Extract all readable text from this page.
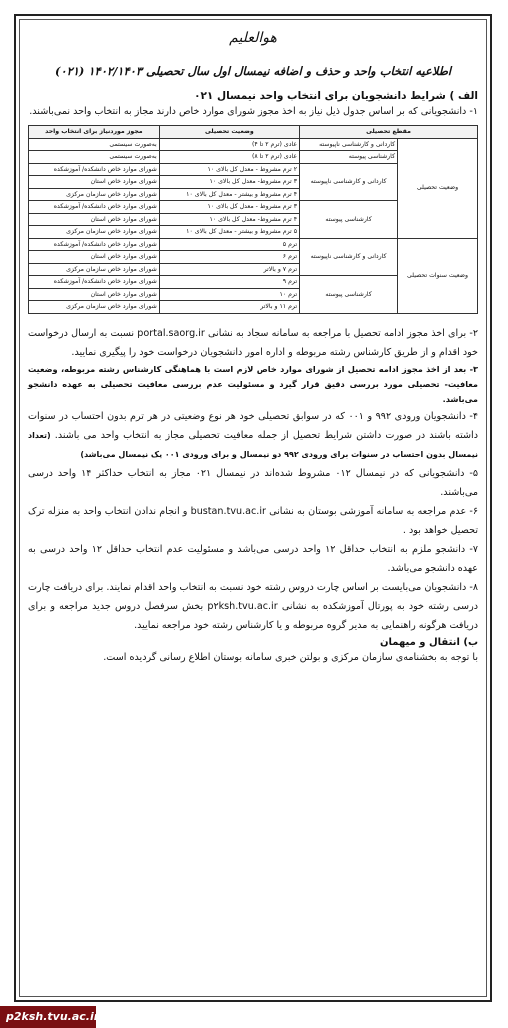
هوالعلیم
اطلاعیه انتخاب واحد و حذف و اضافه نیمسال اول سال تحصیلی ۱۴۰۲/۱۴۰۳ (۰۲۱)
الف ) شرایط دانشجویان برای انتخاب واحد نیمسال ۰۲۱

۱- دانشجویانی که بر اساس جدول ذیل نیاز به اخذ مجوز شورای موارد خاص دارند مجاز به انتخاب واحد نمی‌باشند.

مقطع تحصیلی		وضعیت تحصیلی	مجوز موردنیاز برای انتخاب واحد
وضعیت تحصیلی	کاردانی و کارشناسی ناپیوسته	عادی (ترم ۲ تا ۴)	به‌صورت سیستمی
	کارشناسی پیوسته	عادی (ترم ۲ تا ۸)	به‌صورت سیستمی
	کاردانی و کارشناسی ناپیوسته	۲ ترم مشروط - معدل کل بالای ۱۰	شورای موارد خاص دانشکده/ آموزشکده
		۳ ترم مشروط- معدل کل بالای ۱۰	شورای موارد خاص استان
		۴ ترم مشروط و بیشتر - معدل کل بالای ۱۰	شورای موارد خاص سازمان مرکزی
	کارشناسی پیوسته	۳ ترم مشروط - معدل کل بالای ۱۰	شورای موارد خاص دانشکده/ آموزشکده
		۴ ترم مشروط- معدل کل بالای ۱۰	شورای موارد خاص استان
		۵ ترم مشروط و بیشتر - معدل کل بالای ۱۰	شورای موارد خاص سازمان مرکزی
وضعیت سنوات تحصیلی	کاردانی و کارشناسی ناپیوسته	ترم ۵	شورای موارد خاص دانشکده/ آموزشکده
		ترم ۶	شورای موارد خاص استان
		ترم ۷ و بالاتر	شورای موارد خاص سازمان مرکزی
	کارشناسی پیوسته	ترم ۹	شورای موارد خاص دانشکده/ آموزشکده
		ترم ۱۰	شورای موارد خاص استان
		ترم ۱۱ و بالاتر	شورای موارد خاص سازمان مرکزی

۲- برای اخذ مجوز ادامه تحصیل با مراجعه به سامانه سجاد به نشانی portal.saorg.ir نسبت به ارسال درخواست خود اقدام و از طریق کارشناس رشته مربوطه و اداره امور دانشجویان درخواست خود را پیگیری نمایید.

۳- بعد از اخذ مجوز ادامه تحصیل از شورای موارد خاص لازم است با هماهنگی کارشناس رشته مربوطه، وضعیت معافیت- تحصیلی مورد بررسی دقیق قرار گیرد و مسئولیت عدم بررسی معافیت تحصیلی به عهده دانشجو می‌باشد.

۴- دانشجویان ورودی ۹۹۲ و ۰۰۱ که در سوابق تحصیلی خود هر نوع وضعیتی در هر ترم بدون احتساب در سنوات داشته باشند در صورت داشتن شرایط تحصیل از جمله معافیت تحصیلی مجاز به انتخاب واحد می باشند. (تعداد نیمسال بدون احتساب در سنوات برای ورودی ۹۹۲ دو نیمسال و برای ورودی ۰۰۱ یک نیمسال می‌باشد)

۵- دانشجویانی که در نیمسال ۰۱۲ مشروط شده‌اند در نیمسال ۰۲۱ مجاز به انتخاب حداکثر ۱۴ واحد درسی می‌باشند.

۶- عدم مراجعه به سامانه آموزشی بوستان به نشانی bustan.tvu.ac.ir و انجام ندادن انتخاب واحد به منزله ترک تحصیل خواهد بود .

۷- دانشجو ملزم به انتخاب حداقل ۱۲ واحد درسی می‌باشد و مسئولیت عدم انتخاب حداقل ۱۲ واحد درسی به عهده دانشجو می‌باشد.

۸- دانشجویان می‌بایست بر اساس چارت دروس رشته خود نسبت به انتخاب واحد اقدام نمایند. برای دریافت چارت درسی رشته خود به پورتال آموزشکده به نشانی p۲ksh.tvu.ac.ir بخش سرفصل دروس جدید مراجعه و برای دریافت هرگونه راهنمایی به مدیر گروه مربوطه و یا کارشناس رشته خود مراجعه نمایید.

ب) انتقال و میهمان

با توجه به بخشنامه‌ی سازمان مرکزی و بولتن خبری سامانه بوستان اطلاع رسانی گردیده است.

p2ksh.tvu.ac.ir
